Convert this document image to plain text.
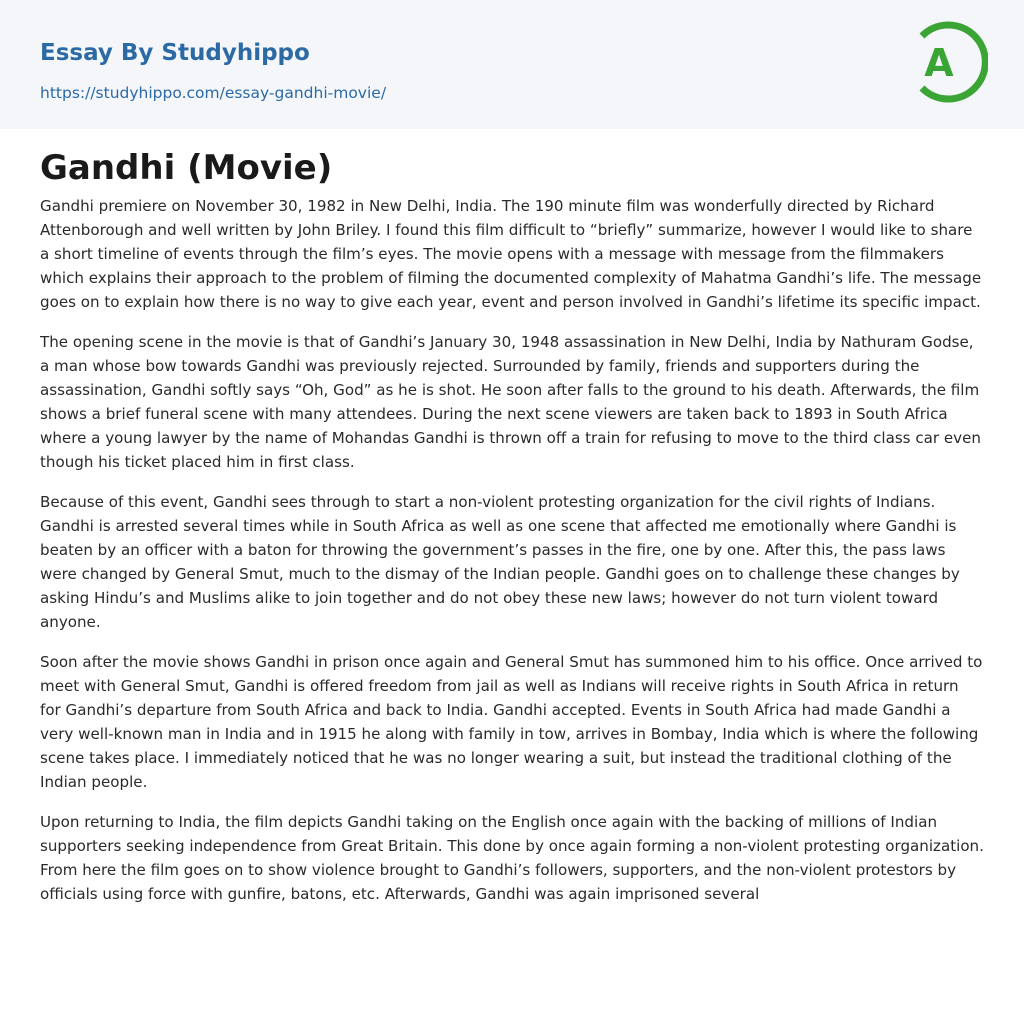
Essay By Studyhippo
https://studyhippo.com/essay-gandhi-movie/
A
Gandhi (Movie)

Gandhi premiere on November 30, 1982 in New Delhi, India. The 190 minute film was wonderfully directed by Richard Attenborough and well written by John Briley. I found this film difficult to “briefly” summarize, however I would like to share a short timeline of events through the film’s eyes. The movie opens with a message with message from the filmmakers which explains their approach to the problem of filming the documented complexity of Mahatma Gandhi’s life. The message goes on to explain how there is no way to give each year, event and person involved in Gandhi’s lifetime its specific impact.

The opening scene in the movie is that of Gandhi’s January 30, 1948 assassination in New Delhi, India by Nathuram Godse, a man whose bow towards Gandhi was previously rejected. Surrounded by family, friends and supporters during the assassination, Gandhi softly says “Oh, God” as he is shot. He soon after falls to the ground to his death. Afterwards, the film shows a brief funeral scene with many attendees. During the next scene viewers are taken back to 1893 in South Africa where a young lawyer by the name of Mohandas Gandhi is thrown off a train for refusing to move to the third class car even though his ticket placed him in first class.

Because of this event, Gandhi sees through to start a non-violent protesting organization for the civil rights of Indians. Gandhi is arrested several times while in South Africa as well as one scene that affected me emotionally where Gandhi is beaten by an officer with a baton for throwing the government’s passes in the fire, one by one. After this, the pass laws were changed by General Smut, much to the dismay of the Indian people. Gandhi goes on to challenge these changes by asking Hindu’s and Muslims alike to join together and do not obey these new laws; however do not turn violent toward anyone.

Soon after the movie shows Gandhi in prison once again and General Smut has summoned him to his office. Once arrived to meet with General Smut, Gandhi is offered freedom from jail as well as Indians will receive rights in South Africa in return for Gandhi’s departure from South Africa and back to India. Gandhi accepted. Events in South Africa had made Gandhi a very well-known man in India and in 1915 he along with family in tow, arrives in Bombay, India which is where the following scene takes place. I immediately noticed that he was no longer wearing a suit, but instead the traditional clothing of the Indian people.

Upon returning to India, the film depicts Gandhi taking on the English once again with the backing of millions of Indian supporters seeking independence from Great Britain. This done by once again forming a non-violent protesting organization. From here the film goes on to show violence brought to Gandhi’s followers, supporters, and the non-violent protestors by officials using force with gunfire, batons, etc. Afterwards, Gandhi was again imprisoned several
